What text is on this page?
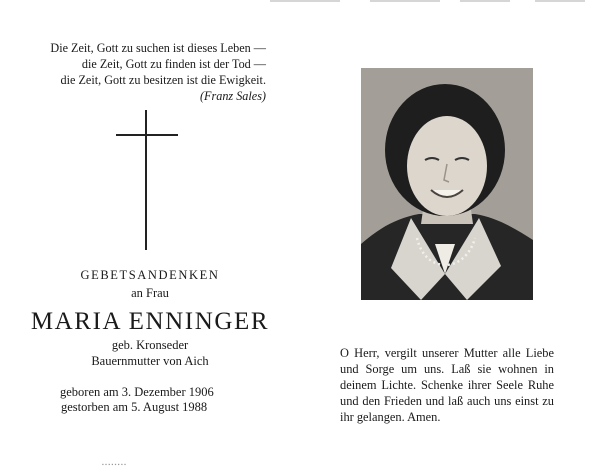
Die Zeit, Gott zu suchen ist dieses Leben —
die Zeit, Gott zu finden ist der Tod —
die Zeit, Gott zu besitzen ist die Ewigkeit.
(Franz Sales)
GEBETSANDENKEN
an Frau
MARIA ENNINGER
geb. Kronseder
Bauernmutter von Aich
geboren am 3. Dezember 1906
gestorben am 5. August 1988
O Herr, vergilt unserer Mutter alle Liebe und Sorge um uns. Laß sie wohnen in deinem Lichte. Schenke ihrer Seele Ruhe und den Frieden und laß auch uns einst zu ihr gelangen. Amen.
▪ ▪ ▪ ▪ ▪ ▪ ▪ ▪
